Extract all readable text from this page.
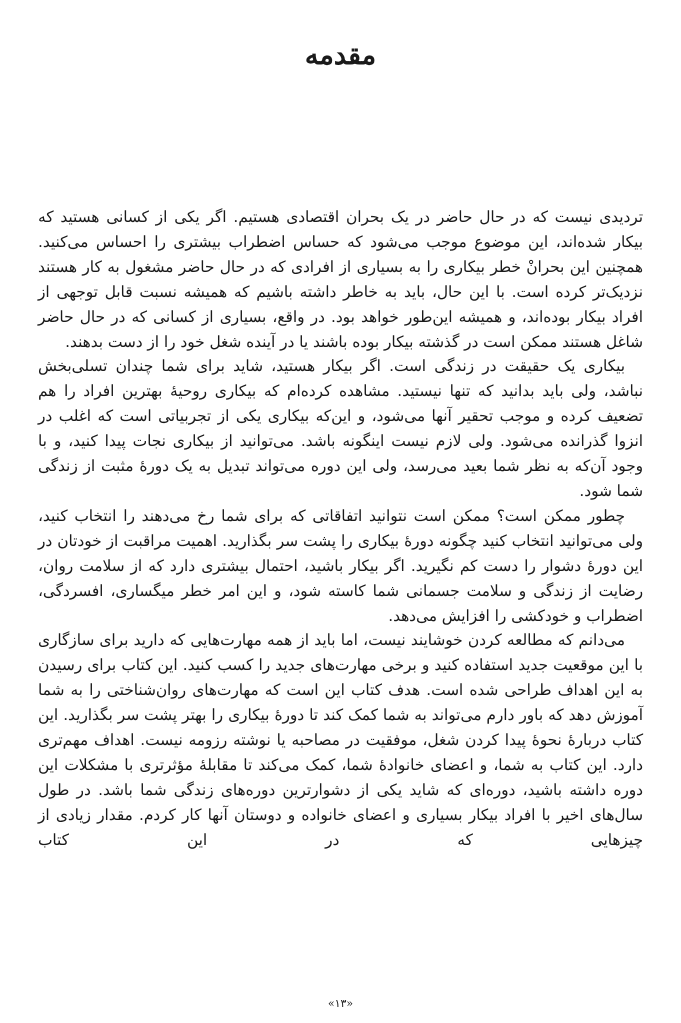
مقدمه

تردیدی نیست که در حال حاضر در یک بحران اقتصادی هستیم. اگر یکی از کسانی هستید که بیکار شده‌اند، این موضوع موجب می‌شود که حساس اضطراب بیشتری را احساس می‌کنید. همچنین این بحرانْ خطر بیکاری را به بسیاری از افرادی که در حال حاضر مشغول به کار هستند نزدیک‌تر کرده است. با این حال، باید به خاطر داشته باشیم که همیشه نسبت قابل توجهی از افراد بیکار بوده‌اند، و همیشه این‌طور خواهد بود. در واقع، بسیاری از کسانی که در حال حاضر شاغل هستند ممکن است در گذشته بیکار بوده باشند یا در آینده شغل خود را از دست بدهند.

بیکاری یک حقیقت در زندگی است. اگر بیکار هستید، شاید برای شما چندان تسلی‌بخش نباشد، ولی باید بدانید که تنها نیستید. مشاهده کرده‌ام که بیکاری روحیهٔ بهترین افراد را هم تضعیف کرده و موجب تحقیر آنها می‌شود، و این‌که بیکاری یکی از تجربیاتی است که اغلب در انزوا گذرانده می‌شود. ولی لازم نیست اینگونه باشد. می‌توانید از بیکاری نجات پیدا کنید، و با وجود آن‌که به نظر شما بعید می‌رسد، ولی این دوره می‌تواند تبدیل به یک دورهٔ مثبت از زندگی شما شود.

چطور ممکن است؟ ممکن است نتوانید اتفاقاتی که برای شما رخ می‌دهند را انتخاب کنید، ولی می‌توانید انتخاب کنید چگونه دورهٔ بیکاری را پشت سر بگذارید. اهمیت مراقبت از خودتان در این دورهٔ دشوار را دست کم نگیرید. اگر بیکار باشید، احتمال بیشتری دارد که از سلامت روان، رضایت از زندگی و سلامت جسمانی شما کاسته شود، و این امر خطر میگساری، افسردگی، اضطراب و خودکشی را افزایش می‌دهد.

می‌دانم که مطالعه کردن خوشایند نیست، اما باید از همه مهارت‌هایی که دارید برای سازگاری با این موقعیت جدید استفاده کنید و برخی مهارت‌های جدید را کسب کنید. این کتاب برای رسیدن به این اهداف طراحی شده است. هدف کتاب این است که مهارت‌های روان‌شناختی را به شما آموزش دهد که باور دارم می‌تواند به شما کمک کند تا دورهٔ بیکاری را بهتر پشت سر بگذارید. این کتاب دربارهٔ نحوهٔ پیدا کردن شغل، موفقیت در مصاحبه یا نوشته رزومه نیست. اهداف مهم‌تری دارد. این کتاب به شما، و اعضای خانوادهٔ شما، کمک می‌کند تا مقابلهٔ مؤثرتری با مشکلات این دوره داشته باشید، دوره‌ای که شاید یکی از دشوارترین دوره‌های زندگی شما باشد. در طول سال‌های اخیر با افراد بیکار بسیاری و اعضای خانواده و دوستان آنها کار کردم. مقدار زیادی از چیزهایی که در این کتاب

«۱۳»
